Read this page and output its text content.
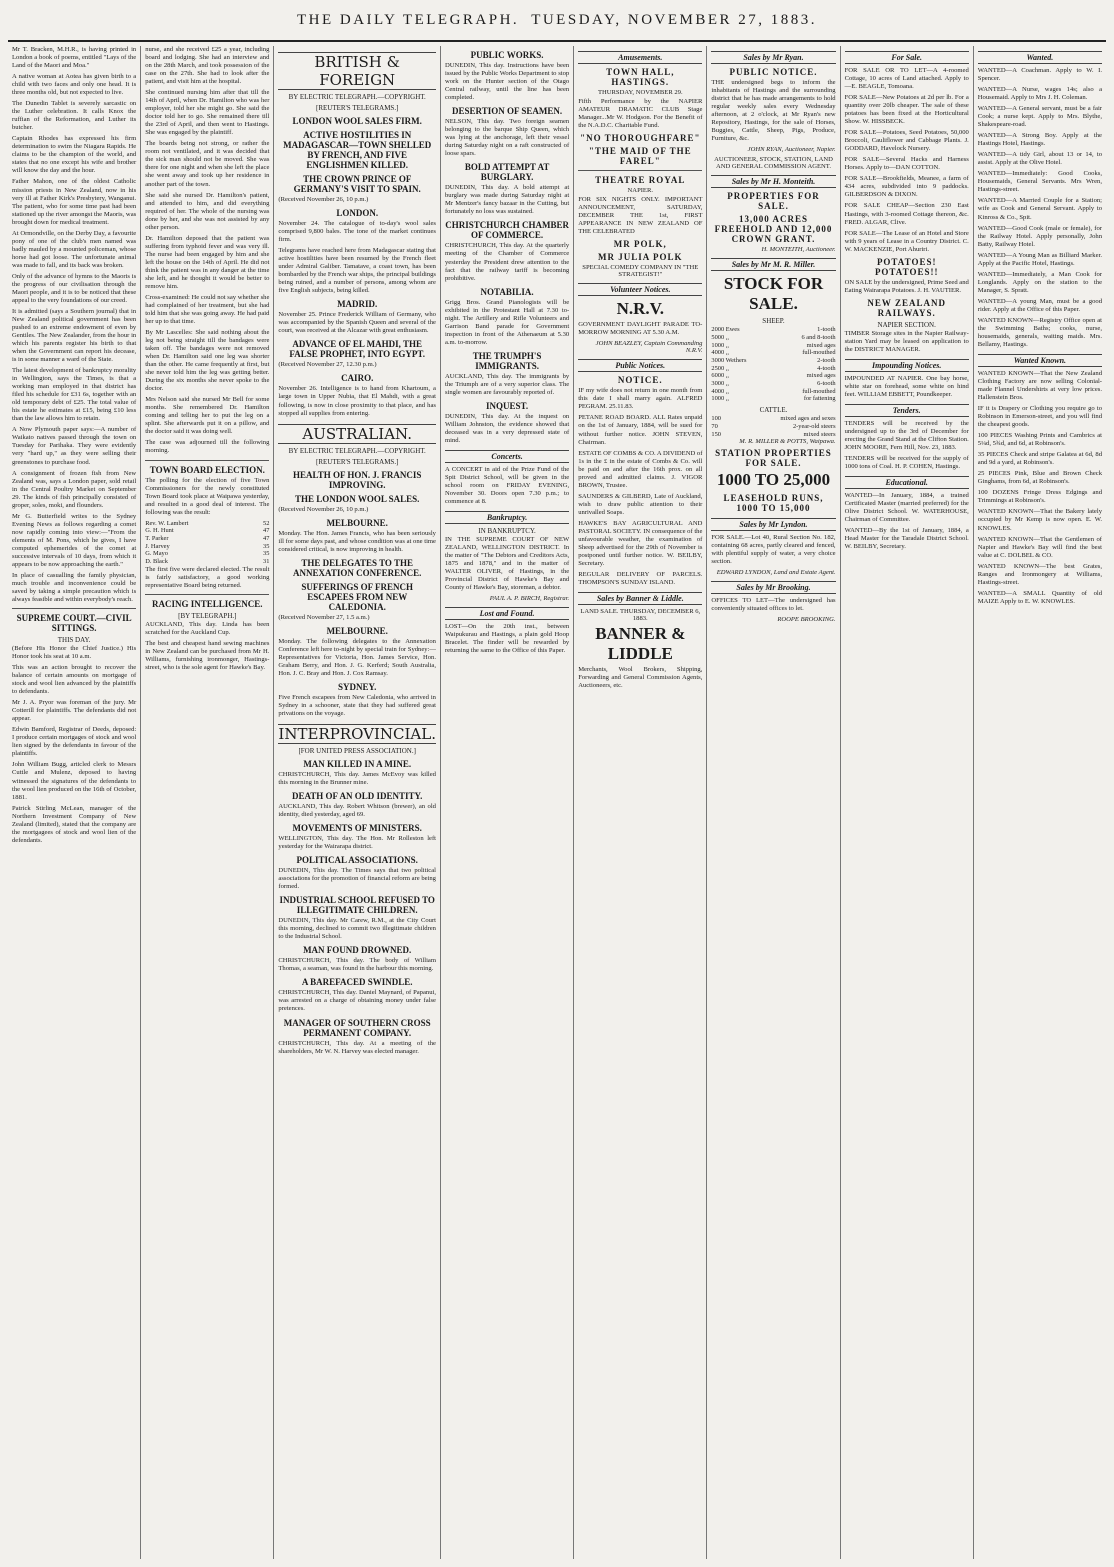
THE DAILY TELEGRAPH. TUESDAY, NOVEMBER 27, 1883.

Mr T. Bracken, M.H.R., is having printed in London a book of poems, entitled "Lays of the Land of the Maori and Moa."

A native woman at Aotea has given birth to a child with two faces and only one head. It is three months old, but not expected to live.

The Dunedin Tablet is severely sarcastic on the Luther celebration. It calls Knox the ruffian of the Reformation, and Luther its butcher.

Captain Rhodes has expressed his firm determination to swim the Niagara Rapids. He claims to be the champion of the world, and states that no one except his wife and brother will know the day and the hour.

Father Mahon, one of the oldest Catholic mission priests in New Zealand, now in his very ill at Father Kirk's Presbytery, Wanganui. The patient, who for some time past had been stationed up the river amongst the Maoris, was brought down for medical treatment.

At Ormondville, on the Derby Day, a favourite pony of one of the club's men named was badly mauled by a mounted policeman, whose horse had got loose. The unfortunate animal was made to fall, and its back was broken.

Only of the advance of hymns to the Maoris is the progress of our civilisation through the Maori people, and it is to be noticed that these appeal to the very foundations of our creed.

It is admitted (says a Southern journal) that in New Zealand political government has been pushed to an extreme endowment of even by Gentiles. The New Zealander, from the hour in which his parents register his birth to that when the Government can report his decease, is in some manner a ward of the State.

The latest development of bankruptcy morality in Wellington, says the Times, is that a working man employed in that district has filed his schedule for £31 6s, together with an old temporary debt of £25. The total value of his estate he estimates at £15, being £10 less than the law allows him to retain.

A Now Plymouth paper says:—A number of Waikato natives passed through the town on Tuesday for Parihaka. They were evidently very "hard up," as they were selling their greenstones to purchase food.

A consignment of frozen fish from New Zealand was, says a London paper, sold retail in the Central Poultry Market on September 29. The kinds of fish principally consisted of groper, soles, moki, and flounders.

Mr G. Butterfield writes to the Sydney Evening News as follows regarding a comet now rapidly coming into view:—"From the elements of M. Pons, which he gives, I have computed ephemerides of the comet at successive intervals of 10 days, from which it appears to be now approaching the earth."

In place of casualling the family physician, much trouble and inconvenience could be saved by taking a simple precaution which is always feasible and within everybody's reach.

SUPREME COURT.—CIVIL SITTINGS.
THIS DAY.

(Before His Honor the Chief Justice.) His Honor took his seat at 10 a.m.

This was an action brought to recover the balance of certain amounts on mortgage of stock and wool lien advanced by the plaintiffs to defendants.

Mr J. A. Pryor was foreman of the jury. Mr Cotterill for plaintiffs. The defendants did not appear.

Edwin Bamford, Registrar of Deeds, deposed: I produce certain mortgages of stock and wool lien signed by the defendants in favour of the plaintiffs.

John William Bugg, articled clerk to Messrs Cuttle and Mulenz, deposed to having witnessed the signatures of the defendants to the wool lien produced on the 16th of October, 1881.

Patrick Stirling McLean, manager of the Northern Investment Company of New Zealand (limited), stated that the company are the mortgagees of stock and wool lien of the defendants.

nurse, and she received £25 a year, including board and lodging. She had an interview and on the 28th March, and took possession of the case on the 27th. She had to look after the patient, and visit him at the hospital.

She continued nursing him after that till the 14th of April, when Dr. Hamilton who was her employer, told her she might go. She said the doctor told her to go. She remained there till the 23rd of April, and then went to Hastings. She was engaged by the plaintiff.

The boards being not strong, or rather the room not ventilated, and it was decided that the sick man should not be moved. She was there for one night and when she left the place she went away and took up her residence in another part of the town.

She said she nursed Dr. Hamilton's patient, and attended to him, and did everything required of her. The whole of the nursing was done by her, and she was not assisted by any other person.

Dr. Hamilton deposed that the patient was suffering from typhoid fever and was very ill. The nurse had been engaged by him and she left the house on the 14th of April. He did not think the patient was in any danger at the time she left, and he thought it would be better to remove him.

Cross-examined: He could not say whether she had complained of her treatment, but she had told him that she was going away. He had paid her up to that time.

By Mr Lascelles: She said nothing about the leg not being straight till the bandages were taken off. The bandages were not removed when Dr. Hamilton said one leg was shorter than the other. He came frequently at first, but she never told him the leg was getting better. During the six months she never spoke to the doctor.

Mrs Nelson said she nursed Mr Bell for some months. She remembered Dr. Hamilton coming and telling her to put the leg on a splint. She afterwards put it on a pillow, and the doctor said it was doing well.

The case was adjourned till the following morning.

TOWN BOARD ELECTION.

The polling for the election of five Town Commissioners for the newly constituted Town Board took place at Waipawa yesterday, and resulted in a good deal of interest. The following was the result:

Rev. W. Lambert	52
G. H. Hunt	47
T. Parker	47
J. Harvey	35
G. Mayo	35
D. Black	31

The first five were declared elected. The result is fairly satisfactory, a good working representative Board being returned.

RACING INTELLIGENCE.
[BY TELEGRAPH.]

AUCKLAND, This day. Linda has been scratched for the Auckland Cup.

The best and cheapest hand sewing machines in New Zealand can be purchased from Mr H. Williams, furnishing ironmonger, Hastings-street, who is the sole agent for Hawke's Bay.

BRITISH & FOREIGN
BY ELECTRIC TELEGRAPH.—COPYRIGHT.
[REUTER'S TELEGRAMS.]
LONDON WOOL SALES FIRM.
ACTIVE HOSTILITIES IN MADAGASCAR—TOWN SHELLED BY FRENCH, AND FIVE ENGLISHMEN KILLED.
THE CROWN PRINCE OF GERMANY'S VISIT TO SPAIN.

(Received November 26, 10 p.m.)

LONDON.

November 24. The catalogue of to-day's wool sales comprised 9,800 bales. The tone of the market continues firm.

Telegrams have reached here from Madagascar stating that active hostilities have been resumed by the French fleet under Admiral Galiber. Tamatave, a coast town, has been bombarded by the French war ships, the principal buildings being ruined, and a number of persons, among whom are five English subjects, being killed.

MADRID.

November 25. Prince Frederick William of Germany, who was accompanied by the Spanish Queen and several of the court, was received at the Alcazar with great enthusiasm.

ADVANCE OF EL MAHDI, THE FALSE PROPHET, INTO EGYPT.

(Received November 27, 12.30 p.m.)

CAIRO.

November 26. Intelligence is to hand from Khartoum, a large town in Upper Nubia, that El Mahdi, with a great following, is now in close proximity to that place, and has stopped all supplies from entering.

AUSTRALIAN.
BY ELECTRIC TELEGRAPH.—COPYRIGHT.
[REUTER'S TELEGRAMS.]
HEALTH OF HON. J. FRANCIS IMPROVING.
THE LONDON WOOL SALES.

(Received November 26, 10 p.m.)

MELBOURNE.

Monday. The Hon. James Francis, who has been seriously ill for some days past, and whose condition was at one time considered critical, is now improving in health.

THE DELEGATES TO THE ANNEXATION CONFERENCE.
SUFFERINGS OF FRENCH ESCAPEES FROM NEW CALEDONIA.

(Received November 27, 1.5 a.m.)

MELBOURNE.

Monday. The following delegates to the Annexation Conference left here to-night by special train for Sydney:—Representatives for Victoria, Hon. James Service, Hon. Graham Berry, and Hon. J. G. Kerferd; South Australia, Hon. J. C. Bray and Hon. J. Cox Ramsay.

SYDNEY.

Five French escapees from New Caledonia, who arrived in Sydney in a schooner, state that they had suffered great privations on the voyage.

INTERPROVINCIAL.
[FOR UNITED PRESS ASSOCIATION.]
MAN KILLED IN A MINE.

CHRISTCHURCH, This day. James McEvoy was killed this morning in the Brunner mine.

DEATH OF AN OLD IDENTITY.

AUCKLAND, This day. Robert Whitson (brewer), an old identity, died yesterday, aged 69.

MOVEMENTS OF MINISTERS.

WELLINGTON, This day. The Hon. Mr Rolleston left yesterday for the Wairarapa district.

POLITICAL ASSOCIATIONS.

DUNEDIN, This day. The Times says that two political associations for the promotion of financial reform are being formed.

INDUSTRIAL SCHOOL REFUSED TO ILLEGITIMATE CHILDREN.

DUNEDIN, This day. Mr Carew, R.M., at the City Court this morning, declined to commit two illegitimate children to the Industrial School.

MAN FOUND DROWNED.

CHRISTCHURCH, This day. The body of William Thomas, a seaman, was found in the harbour this morning.

A BAREFACED SWINDLE.

CHRISTCHURCH, This day. Daniel Maynard, of Papanui, was arrested on a charge of obtaining money under false pretences.

MANAGER OF SOUTHERN CROSS PERMANENT COMPANY.

CHRISTCHURCH, This day. At a meeting of the shareholders, Mr W. N. Harvey was elected manager.

PUBLIC WORKS.

DUNEDIN, This day. Instructions have been issued by the Public Works Department to stop work on the Hunter section of the Otago Central railway, until the line has been completed.

DESERTION OF SEAMEN.

NELSON, This day. Two foreign seamen belonging to the barque Ship Queen, which was lying at the anchorage, left their vessel during Saturday night on a raft constructed of loose spars.

BOLD ATTEMPT AT BURGLARY.

DUNEDIN, This day. A bold attempt at burglary was made during Saturday night at Mr Mentzer's fancy bazaar in the Cutting, but fortunately no loss was sustained.

CHRISTCHURCH CHAMBER OF COMMERCE.

CHRISTCHURCH, This day. At the quarterly meeting of the Chamber of Commerce yesterday the President drew attention to the fact that the railway tariff is becoming prohibitive.

NOTABILIA.

Grigg Bros. Grand Pianologists will be exhibited in the Protestant Hall at 7.30 to-night. The Artillery and Rifle Volunteers and Garrison Band parade for Government inspection in front of the Athenaeum at 5.30 a.m. to-morrow.

THE TRUMPH'S IMMIGRANTS.

AUCKLAND, This day. The immigrants by the Triumph are of a very superior class. The single women are favourably reported of.

INQUEST.

DUNEDIN, This day. At the inquest on William Johnston, the evidence showed that deceased was in a very depressed state of mind.

Concerts.

A CONCERT in aid of the Prize Fund of the Spit District School, will be given in the school room on FRIDAY EVENING, November 30. Doors open 7.30 p.m.; to commence at 8.

Bankruptcy.
IN BANKRUPTCY.

IN THE SUPREME COURT OF NEW ZEALAND, WELLINGTON DISTRICT. In the matter of "The Debtors and Creditors Acts, 1875 and 1878," and in the matter of WALTER OLIVER, of Hastings, in the Provincial District of Hawke's Bay and County of Hawke's Bay, storeman, a debtor.

PAUL A. P. BIRCH, Registrar.
Lost and Found.

LOST—On the 20th inst., between Waipukurau and Hastings, a plain gold Hoop Bracelet. The finder will be rewarded by returning the same to the Office of this Paper.

Amusements.
TOWN HALL, HASTINGS.
THURSDAY, NOVEMBER 29.

Fifth Performance by the NAPIER AMATEUR DRAMATIC CLUB Stage Manager...Mr W. Hodgson. For the Benefit of the N.A.D.C. Charitable Fund.

"NO THOROUGHFARE"
"THE MAID OF THE FAREL"
THEATRE ROYAL
NAPIER.

FOR SIX NIGHTS ONLY. IMPORTANT ANNOUNCEMENT, SATURDAY, DECEMBER THE 1st, FIRST APPEARANCE IN NEW ZEALAND OF THE CELEBRATED

MR POLK,
MR JULIA POLK
SPECIAL COMEDY COMPANY IN "THE STRATEGIST!"
Volunteer Notices.
N.R.V.

GOVERNMENT DAYLIGHT PARADE TO-MORROW MORNING AT 5.30 A.M.

JOHN BEAZLEY, Captain Commanding N.R.V.
Public Notices.
NOTICE.

IF my wife does not return in one month from this date I shall marry again. ALFRED PEGRAM. 25.11.83.

PETANE ROAD BOARD. ALL Rates unpaid on the 1st of January, 1884, will be sued for without further notice. JOHN STEVEN, Chairman.

ESTATE OF COMBS & CO. A DIVIDEND of 1s in the £ in the estate of Combs & Co. will be paid on and after the 16th prox. on all proved and admitted claims. J. VIGOR BROWN, Trustee.

SAUNDERS & GILBERD, Late of Auckland, wish to draw public attention to their unrivalled Soaps.

HAWKE'S BAY AGRICULTURAL AND PASTORAL SOCIETY. IN consequence of the unfavourable weather, the examination of Sheep advertised for the 29th of November is postponed until further notice. W. BEILBY, Secretary.

REGULAR DELIVERY OF PARCELS. THOMPSON'S SUNDAY ISLAND.

Sales by Banner & Liddle.
LAND SALE. THURSDAY, DECEMBER 6, 1883.
BANNER & LIDDLE

Merchants, Wool Brokers, Shipping, Forwarding and General Commission Agents, Auctioneers, etc.

Sales by Mr Ryan.
PUBLIC NOTICE.

THE undersigned begs to inform the inhabitants of Hastings and the surrounding district that he has made arrangements to hold regular weekly sales every Wednesday afternoon, at 2 o'clock, at Mr Ryan's new Repository, Hastings, for the sale of Horses, Buggies, Cattle, Sheep, Pigs, Produce, Furniture, &c.

JOHN RYAN, Auctioneer, Napier.
AUCTIONEER, STOCK, STATION, LAND AND GENERAL COMMISSION AGENT.
Sales by Mr H. Monteith.
PROPERTIES FOR SALE.
13,000 ACRES FREEHOLD AND 12,000 CROWN GRANT.
H. MONTEITH, Auctioneer.
Sales by Mr M. R. Miller.
STOCK FOR SALE.
SHEEP.
2000 Ewes	1-tooth
5000 ,,	6 and 8-tooth
1000 ,,	mixed ages
4000 ,,	full-mouthed
3000 Wethers	2-tooth
2500 ,,	4-tooth
6000 ,,	mixed ages
3000 ,,	6-tooth
4000 ,,	full-mouthed
1000 ,,	for fattening
CATTLE.
100	mixed ages and sexes
70	2-year-old steers
150	mixed steers
M. R. MILLER & POTTS, Waipawa.
STATION PROPERTIES FOR SALE.
1000 TO 25,000
LEASEHOLD RUNS, 1000 TO 15,000
Sales by Mr Lyndon.

FOR SALE.—Lot 40, Rural Section No. 182, containing 68 acres, partly cleared and fenced, with plentiful supply of water, a very choice section.

EDWARD LYNDON, Land and Estate Agent.
Sales by Mr Brooking.

OFFICES TO LET—The undersigned has conveniently situated offices to let.

ROOPE BROOKING.
For Sale.

FOR SALE OR TO LET—A 4-roomed Cottage, 10 acres of Land attached. Apply to—E. BEAGLE, Tomoana.

FOR SALE—New Potatoes at 2d per lb. For a quantity over 20lb cheaper. The sale of these potatoes has been fixed at the Horticultural Show. W. HISSBECK.

FOR SALE—Potatoes, Seed Potatoes, 50,000 Broccoli, Cauliflower and Cabbage Plants. J. GODDARD, Havelock Nursery.

FOR SALE—Several Hacks and Harness Horses. Apply to—DAN COTTON.

FOR SALE—Brookfields, Meanee, a farm of 434 acres, subdivided into 9 paddocks. GILBERDSON & DIXON.

FOR SALE CHEAP—Section 230 East Hastings, with 3-roomed Cottage thereon, &c. FRED. ALGAR, Clive.

FOR SALE—The Lease of an Hotel and Store with 9 years of Lease in a Country District. C. W. MACKENZIE, Port Ahuriri.

POTATOES! POTATOES!!

ON SALE by the undersigned, Prime Seed and Eating Wairarapa Potatoes. J. H. VAUTIER.

NEW ZEALAND RAILWAYS.
NAPIER SECTION.

TIMBER Storage sites in the Napier Railway-station Yard may be leased on application to the DISTRICT MANAGER.

Impounding Notices.

IMPOUNDED AT NAPIER. One bay horse, white star on forehead, some white on hind feet. WILLIAM EBBETT, Poundkeeper.

Tenders.

TENDERS will be received by the undersigned up to the 3rd of December for erecting the Grand Stand at the Clifton Station. JOHN MOORE, Fern Hill, Nov. 23, 1883.

TENDERS will be received for the supply of 1000 tons of Coal. H. P. COHEN, Hastings.

Educational.

WANTED—In January, 1884, a trained Certificated Master (married preferred) for the Olive District School. W. WATERHOUSE, Chairman of Committee.

WANTED—By the 1st of January, 1884, a Head Master for the Taradale District School. W. BEILBY, Secretary.

Wanted.

WANTED—A Coachman. Apply to W. I. Spencer.

WANTED—A Nurse, wages 14s; also a Housemaid. Apply to Mrs J. H. Coleman.

WANTED—A General servant, must be a fair Cook; a nurse kept. Apply to Mrs. Blythe, Shakespeare-road.

WANTED—A Strong Boy. Apply at the Hastings Hotel, Hastings.

WANTED—A tidy Girl, about 13 or 14, to assist. Apply at the Olive Hotel.

WANTED—Immediately: Good Cooks, Housemaids, General Servants. Mrs Wren, Hastings-street.

WANTED—A Married Couple for a Station; wife as Cook and General Servant. Apply to Kinross & Co., Spit.

WANTED—Good Cook (male or female), for the Railway Hotel. Apply personally, John Batty, Railway Hotel.

WANTED—A Young Man as Billiard Marker. Apply at the Pacific Hotel, Hastings.

WANTED—Immediately, a Man Cook for Longlands. Apply on the station to the Manager, S. Spratt.

WANTED—A young Man, must be a good rider. Apply at the Office of this Paper.

WANTED KNOWN—Registry Office open at the Swimming Baths; cooks, nurse, housemaids, generals, waiting maids. Mrs. Bellamy, Hastings.

Wanted Known.

WANTED KNOWN—That the New Zealand Clothing Factory are now selling Colonial-made Flannel Undershirts at very low prices. Hallenstein Bros.

IF it is Drapery or Clothing you require go to Robinson in Emerson-street, and you will find the cheapest goods.

100 PIECES Washing Prints and Cambrics at 5¼d, 5¾d, and 6d, at Robinson's.

35 PIECES Check and stripe Galatea at 6d, 8d and 9d a yard, at Robinson's.

25 PIECES Pink, Blue and Brown Check Ginghams, from 6d, at Robinson's.

100 DOZENS Fringe Dress Edgings and Trimmings at Robinson's.

WANTED KNOWN—That the Bakery lately occupied by Mr Kemp is now open. E. W. KNOWLES.

WANTED KNOWN—That the Gentlemen of Napier and Hawke's Bay will find the best value at C. DOLBEL & CO.

WANTED KNOWN—The best Grates, Ranges and Ironmongery at Williams, Hastings-street.

WANTED—A SMALL Quantity of old MAIZE Apply to E. W. KNOWLES.
